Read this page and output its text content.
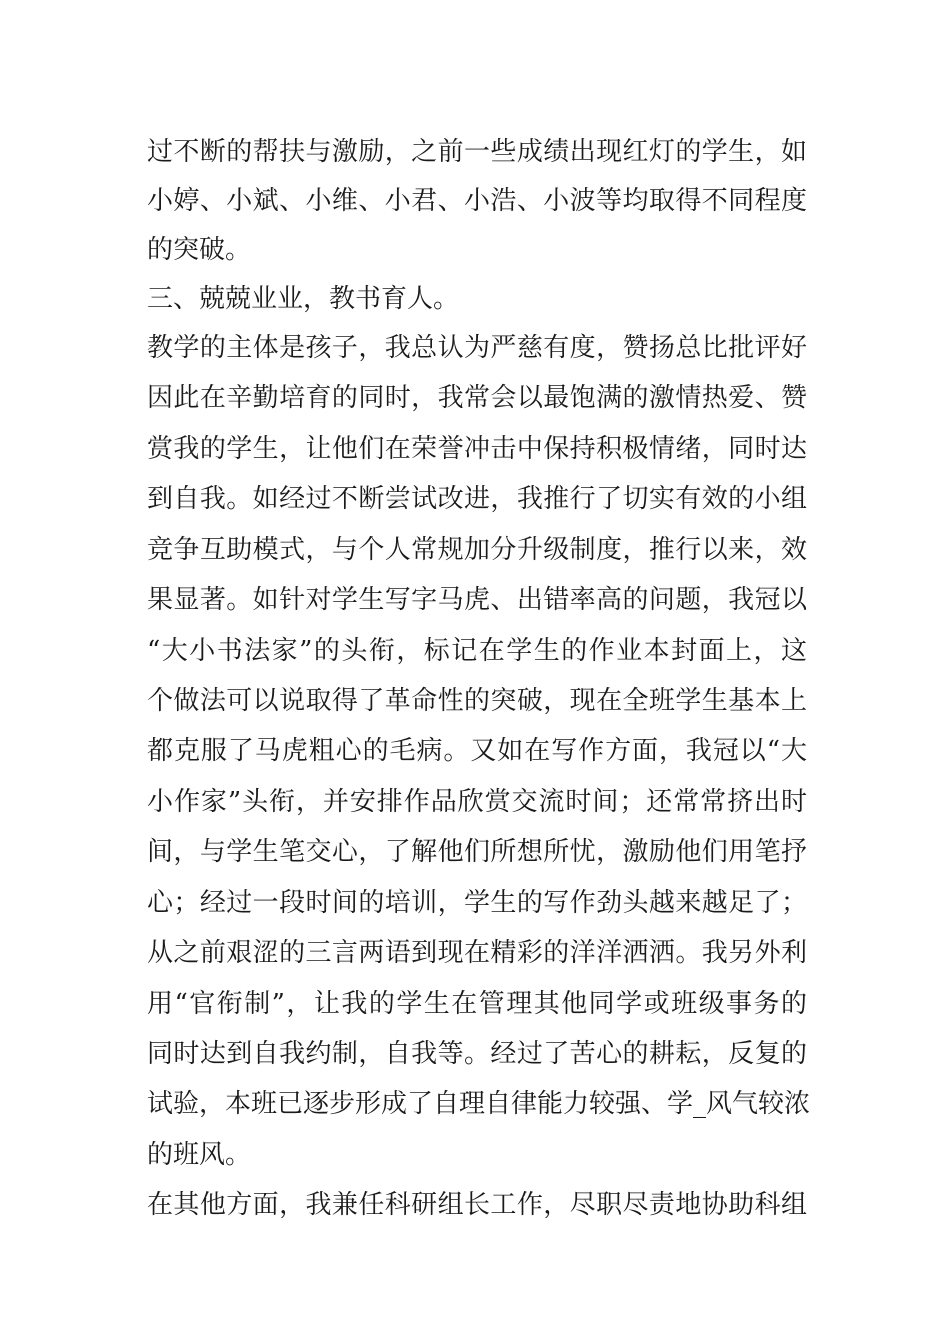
过不断的帮扶与激励，之前一些成绩出现红灯的学生，如
小婷、小斌、小维、小君、小浩、小波等均取得不同程度
的突破。
三、兢兢业业，教书育人。
教学的主体是孩子，我总认为严慈有度，赞扬总比批评好
因此在辛勤培育的同时，我常会以最饱满的激情热爱、赞
赏我的学生，让他们在荣誉冲击中保持积极情绪，同时达
到自我。如经过不断尝试改进，我推行了切实有效的小组
竞争互助模式，与个人常规加分升级制度，推行以来，效
果显著。如针对学生写字马虎、出错率高的问题，我冠以
“大小书法家”的头衔，标记在学生的作业本封面上，这
个做法可以说取得了革命性的突破，现在全班学生基本上
都克服了马虎粗心的毛病。又如在写作方面，我冠以“大
小作家”头衔，并安排作品欣赏交流时间；还常常挤出时
间，与学生笔交心，了解他们所想所忧，激励他们用笔抒
心；经过一段时间的培训，学生的写作劲头越来越足了；
从之前艰涩的三言两语到现在精彩的洋洋洒洒。我另外利
用“官衔制”，让我的学生在管理其他同学或班级事务的
同时达到自我约制，自我等。经过了苦心的耕耘，反复的
试验，本班已逐步形成了自理自律能力较强、学_风气较浓
的班风。
在其他方面，我兼任科研组长工作，尽职尽责地协助科组
